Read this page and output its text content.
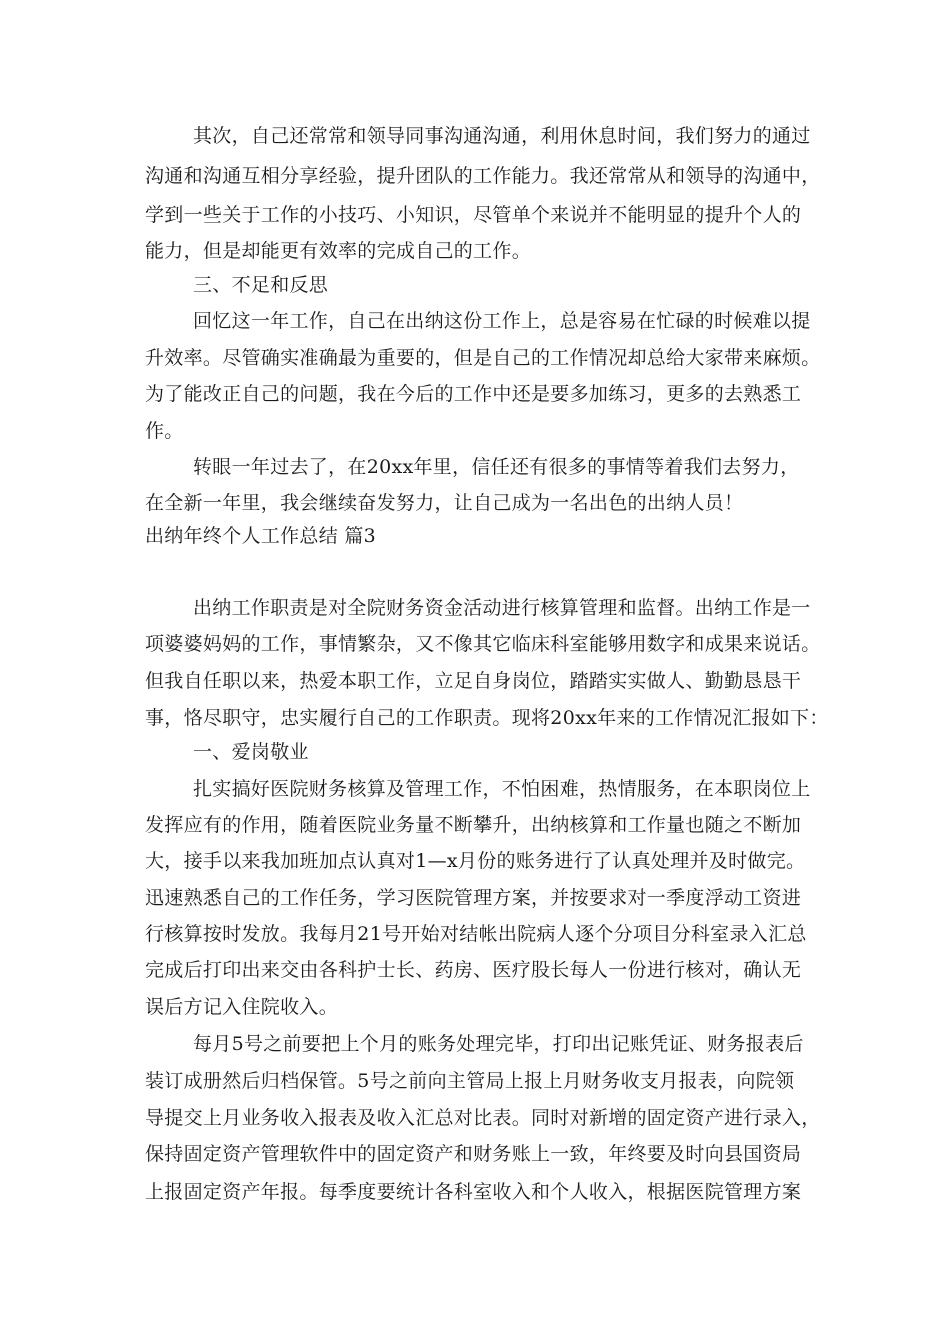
其次，自己还常常和领导同事沟通沟通，利用休息时间，我们努力的通过
沟通和沟通互相分享经验，提升团队的工作能力。我还常常从和领导的沟通中，
学到一些关于工作的小技巧、小知识，尽管单个来说并不能明显的提升个人的
能力，但是却能更有效率的完成自己的工作。
三、不足和反思
回忆这一年工作，自己在出纳这份工作上，总是容易在忙碌的时候难以提
升效率。尽管确实准确最为重要的，但是自己的工作情况却总给大家带来麻烦。
为了能改正自己的问题，我在今后的工作中还是要多加练习，更多的去熟悉工
作。
转眼一年过去了，在20xx年里，信任还有很多的事情等着我们去努力，
在全新一年里，我会继续奋发努力，让自己成为一名出色的出纳人员！
出纳年终个人工作总结 篇3
出纳工作职责是对全院财务资金活动进行核算管理和监督。出纳工作是一
项婆婆妈妈的工作，事情繁杂，又不像其它临床科室能够用数字和成果来说话。
但我自任职以来，热爱本职工作，立足自身岗位，踏踏实实做人、勤勤恳恳干
事，恪尽职守，忠实履行自己的工作职责。现将20xx年来的工作情况汇报如下：
一、爱岗敬业
扎实搞好医院财务核算及管理工作，不怕困难，热情服务，在本职岗位上
发挥应有的作用，随着医院业务量不断攀升，出纳核算和工作量也随之不断加
大，接手以来我加班加点认真对1—x月份的账务进行了认真处理并及时做完。
迅速熟悉自己的工作任务，学习医院管理方案，并按要求对一季度浮动工资进
行核算按时发放。我每月21号开始对结帐出院病人逐个分项目分科室录入汇总
完成后打印出来交由各科护士长、药房、医疗股长每人一份进行核对，确认无
误后方记入住院收入。
每月5号之前要把上个月的账务处理完毕，打印出记账凭证、财务报表后
装订成册然后归档保管。5号之前向主管局上报上月财务收支月报表，向院领
导提交上月业务收入报表及收入汇总对比表。同时对新增的固定资产进行录入，
保持固定资产管理软件中的固定资产和财务账上一致，年终要及时向县国资局
上报固定资产年报。每季度要统计各科室收入和个人收入，根据医院管理方案
